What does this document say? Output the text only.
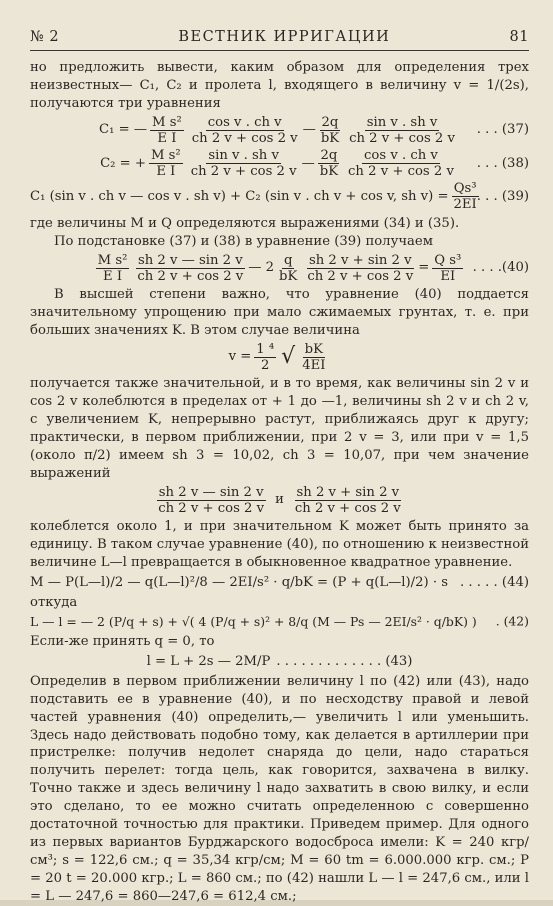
№ 2	ВЕСТНИК ИРРИГАЦИИ	81

но предложить вывести, каким образом для определения трех неизвестных— C₁, C₂ и пролета l, входящего в величину v = 1/(2s), получаются три уравнения

C₁ = — $\frac{\text{M s²}}{\text{E I}} \frac{\text{cos v . ch v}}{ch 2 v + \cos 2 v}$ — $\frac{2q}{bK} \frac{\text{sin v . sh v}}{ch 2 v + \cos 2 v}$ . . . (37)
C₂ = + $\frac{\text{M s²}}{\text{E I}} \frac{\text{sin v . sh v}}{ch 2 v + \cos 2 v}$ — $\frac{2q}{bK} \frac{\text{cos v . ch v}}{ch 2 v + \cos 2 v}$ . . . (38)
C₁ (sin v . ch v — cos v . sh v) + C₂ (sin v . ch v + cos v, sh $v) = \frac{\text{Qs³}}{2EI}$
. . . (39)

где величины M и Q определяются выражениями (34) и (35).

По подстановке (37) и (38) в уравнение (39) получаем

$\frac{\text{M s²}}{\text{E I}} \frac{sh 2 v — \sin 2 v}{ch 2 v + \cos 2 v}$ — $2 \frac{q}{bK} \frac{sh 2 v + \sin 2 v}{ch 2 v + \cos 2 v} = \frac{\text{Q s³}}{EI}$ . . . .(40)

В высшей степени важно, что уравнение (40) поддается значительному упрощению при мало сжимаемых грунтах, т. е. при больших значениях K. В этом случае величина

$v = \frac{\text{1 ⁴}}{2}$ √ $\frac{bK}{4EI}$

получается также значительной, и в то время, как величины sin 2 v и cos 2 v колеблются в пределах от + 1 до —1, величины sh 2 v и ch 2 v, с увеличением K, непрерывно растут, приближаясь друг к другу; практически, в первом приближении, при 2 v = 3, или при v = 1,5 (около π/2) имеем sh 3 = 10,02, ch 3 = 10,07, при чем значение выражений

$\frac{sh 2 v — \sin 2 v}{ch 2 v + \cos 2 v}$ и $\frac{sh 2 v + \sin 2 v}{ch 2 v + \cos 2 v}$

колеблется около 1, и при значительном K может быть принято за единицу. В таком случае уравнение (40), по отношению к неизвестной величине L—l превращается в обыкновенное квадратное уравнение.

M — P(L—l)/2 — q(L—l)²/8 — 2EI/s² · q/bK = (P + q(L—l)/2) · s . . . . . (44)

откуда

L — l = — 2 (P/q + s) + √( 4 (P/q + s)² + 8/q (M — Ps — 2EI/s² · q/bK) ) . (42)

Если-же принять q = 0, то

l = L + 2s — 2M/P . . . . . . . . . . . . . (43)

Определив в первом приближении величину l по (42) или (43), надо подставить ее в уравнение (40), и по несходству правой и левой частей уравнения (40) определить,— увеличить l или уменьшить. Здесь надо действовать подобно тому, как делается в артиллерии при пристрелке: получив недолет снаряда до цели, надо стараться получить перелет: тогда цель, как говорится, захвачена в вилку. Точно также и здесь величину l надо захватить в свою вилку, и если это сделано, то ее можно считать определенною с совершенно достаточной точностью для практики. Приведем пример. Для одного из первых вариантов Бурджарского водосброса имели: K = 240 кгр/см³; s = 122,6 см.; q = 35,34 кгр/см; M = 60 tm = 6.000.000 кгр. см.; P = 20 t = 20.000 кгр.; L = 860 см.; по (42) нашли L — l = 247,6 см., или l = L — 247,6 = 860—247,6 = 612,4 см.;
